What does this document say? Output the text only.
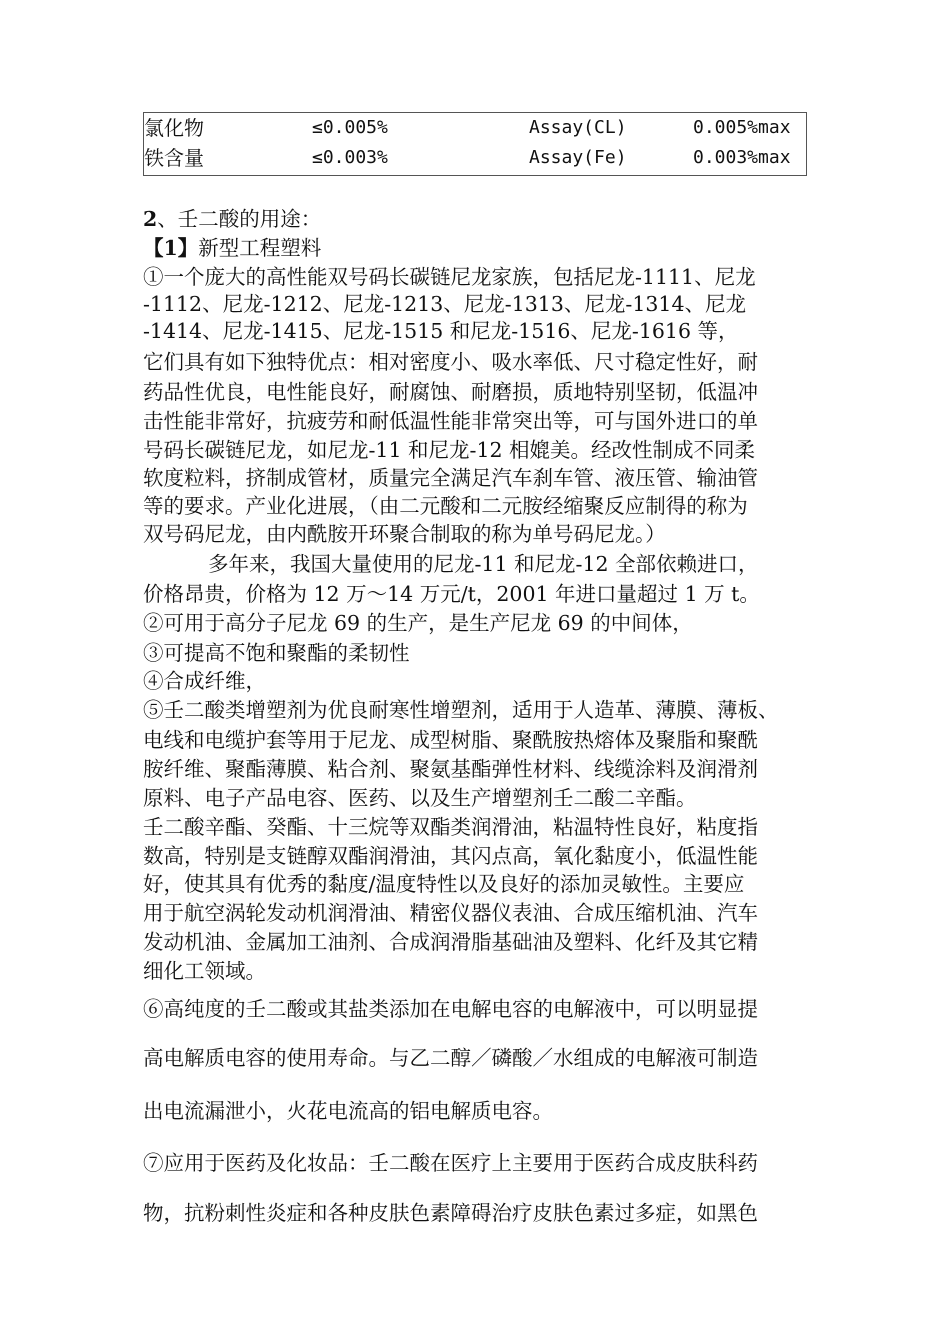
氯化物	≤0.005%	Assay(CL)	0.005%max
铁含量	≤0.003%	Assay(Fe)	0.003%max
2、壬二酸的用途：
【1】新型工程塑料
①一个庞大的高性能双号码长碳链尼龙家族，包括尼龙-1111、尼龙
-1112、尼龙-1212、尼龙-1213、尼龙-1313、尼龙-1314、尼龙
-1414、尼龙-1415、尼龙-1515 和尼龙-1516、尼龙-1616 等，
它们具有如下独特优点：相对密度小、吸水率低、尺寸稳定性好，耐
药品性优良，电性能良好，耐腐蚀、耐磨损，质地特别坚韧，低温冲
击性能非常好，抗疲劳和耐低温性能非常突出等，可与国外进口的单
号码长碳链尼龙，如尼龙-11 和尼龙-12 相媲美。经改性制成不同柔
软度粒料，挤制成管材，质量完全满足汽车刹车管、液压管、输油管
等的要求。产业化进展，（由二元酸和二元胺经缩聚反应制得的称为
双号码尼龙，由内酰胺开环聚合制取的称为单号码尼龙。）
多年来，我国大量使用的尼龙-11 和尼龙-12 全部依赖进口，
价格昂贵，价格为 12 万～14 万元/t，2001 年进口量超过 1 万 t。
②可用于高分子尼龙 69 的生产，是生产尼龙 69 的中间体，
③可提高不饱和聚酯的柔韧性
④合成纤维，
⑤壬二酸类增塑剂为优良耐寒性增塑剂，适用于人造革、薄膜、薄板、
电线和电缆护套等用于尼龙、成型树脂、聚酰胺热熔体及聚脂和聚酰
胺纤维、聚酯薄膜、粘合剂、聚氨基酯弹性材料、线缆涂料及润滑剂
原料、电子产品电容、医药、以及生产增塑剂壬二酸二辛酯。
壬二酸辛酯、癸酯、十三烷等双酯类润滑油，粘温特性良好，粘度指
数高，特别是支链醇双酯润滑油，其闪点高，氧化黏度小，低温性能
好，使其具有优秀的黏度/温度特性以及良好的添加灵敏性。主要应
用于航空涡轮发动机润滑油、精密仪器仪表油、合成压缩机油、汽车
发动机油、金属加工油剂、合成润滑脂基础油及塑料、化纤及其它精
细化工领域。
⑥高纯度的壬二酸或其盐类添加在电解电容的电解液中，可以明显提
高电解质电容的使用寿命。与乙二醇／磷酸／水组成的电解液可制造
出电流漏泄小，火花电流高的铝电解质电容。
⑦应用于医药及化妆品：壬二酸在医疗上主要用于医药合成皮肤科药
物，抗粉刺性炎症和各种皮肤色素障碍治疗皮肤色素过多症，如黑色
